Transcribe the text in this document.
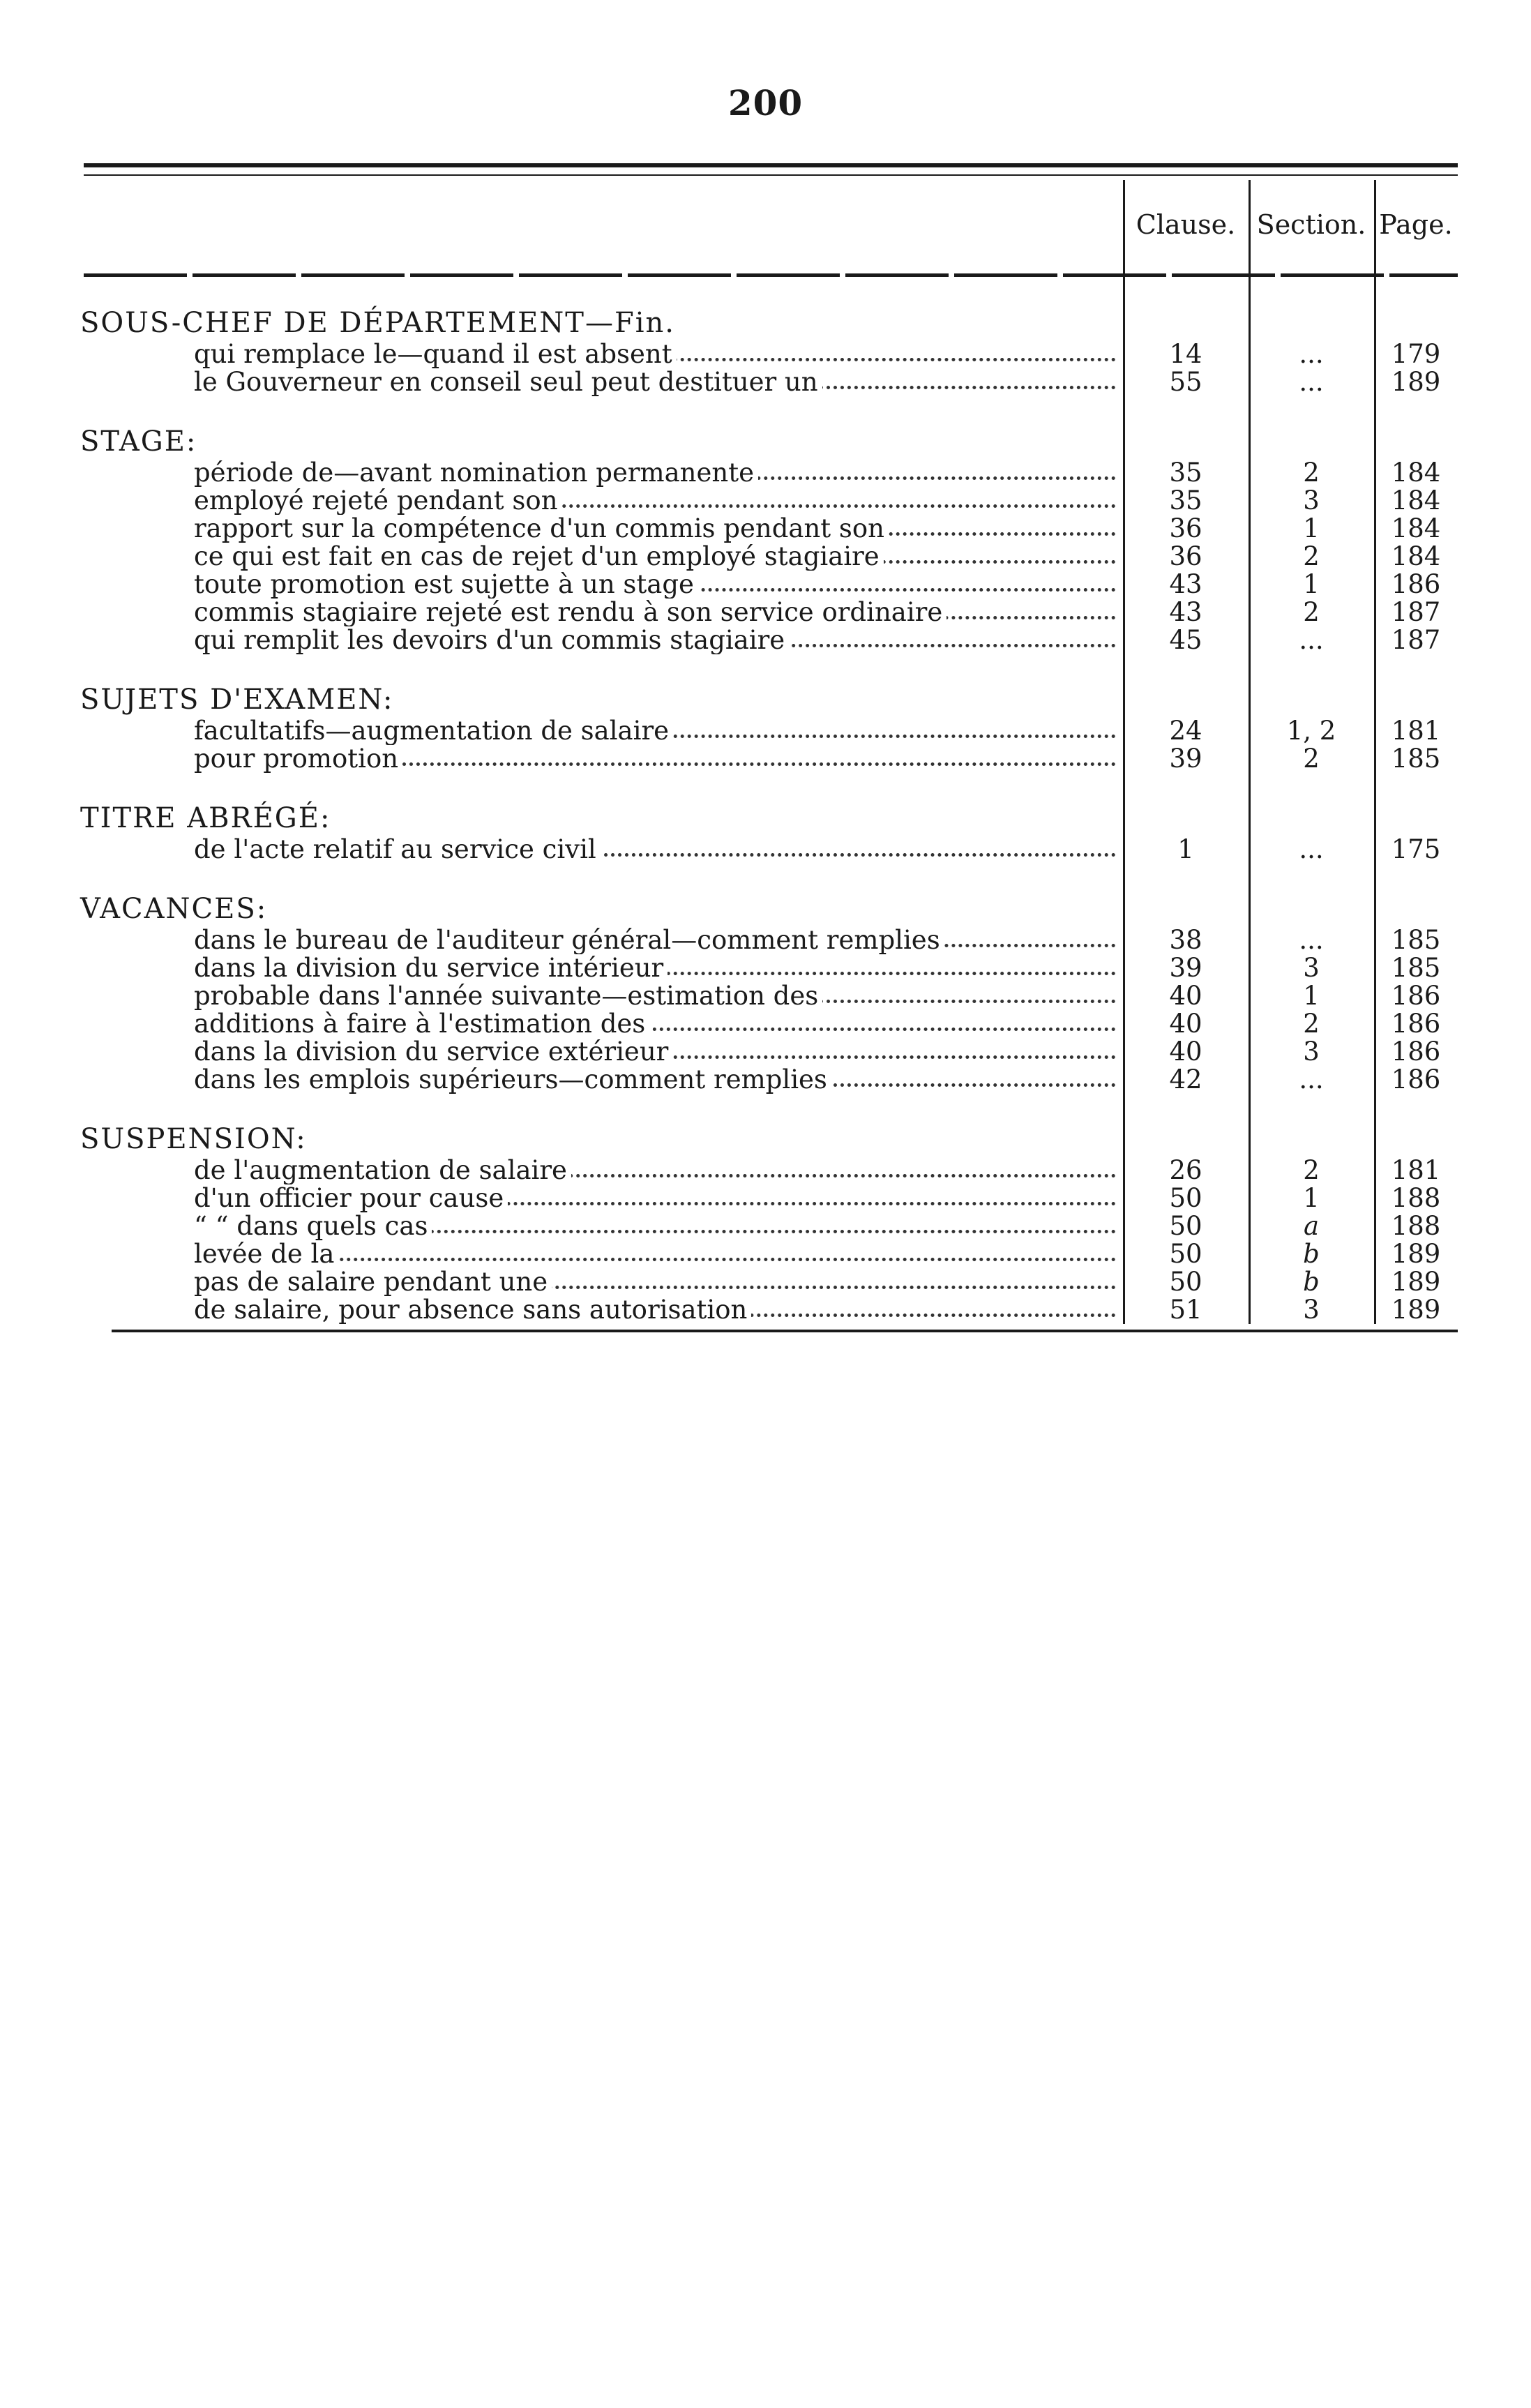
200
Clause. Section. Page.
SOUS-CHEF DE DÉPARTEMENT—Fin.
qui remplace le—quand il est absent	14	...	179
le Gouverneur en conseil seul peut destituer un	55	...	189
STAGE:
période de—avant nomination permanente	35	2	184
employé rejeté pendant son	35	3	184
rapport sur la compétence d'un commis pendant son	36	1	184
ce qui est fait en cas de rejet d'un employé stagiaire	36	2	184
toute promotion est sujette à un stage	43	1	186
commis stagiaire rejeté est rendu à son service ordinaire	43	2	187
qui remplit les devoirs d'un commis stagiaire	45	...	187
SUJETS D'EXAMEN:
facultatifs—augmentation de salaire	24	1, 2	181
pour promotion	39	2	185
TITRE ABRÉGÉ:
de l'acte relatif au service civil	1	...	175
VACANCES:
dans le bureau de l'auditeur général—comment remplies	38	...	185
dans la division du service intérieur	39	3	185
probable dans l'année suivante—estimation des	40	1	186
additions à faire à l'estimation des	40	2	186
dans la division du service extérieur	40	3	186
dans les emplois supérieurs—comment remplies	42	...	186
SUSPENSION:
de l'augmentation de salaire	26	2	181
d'un officier pour cause	50	1	188
“ “ dans quels cas	50	a	188
levée de la	50	b	189
pas de salaire pendant une	50	b	189
de salaire, pour absence sans autorisation	51	3	189
